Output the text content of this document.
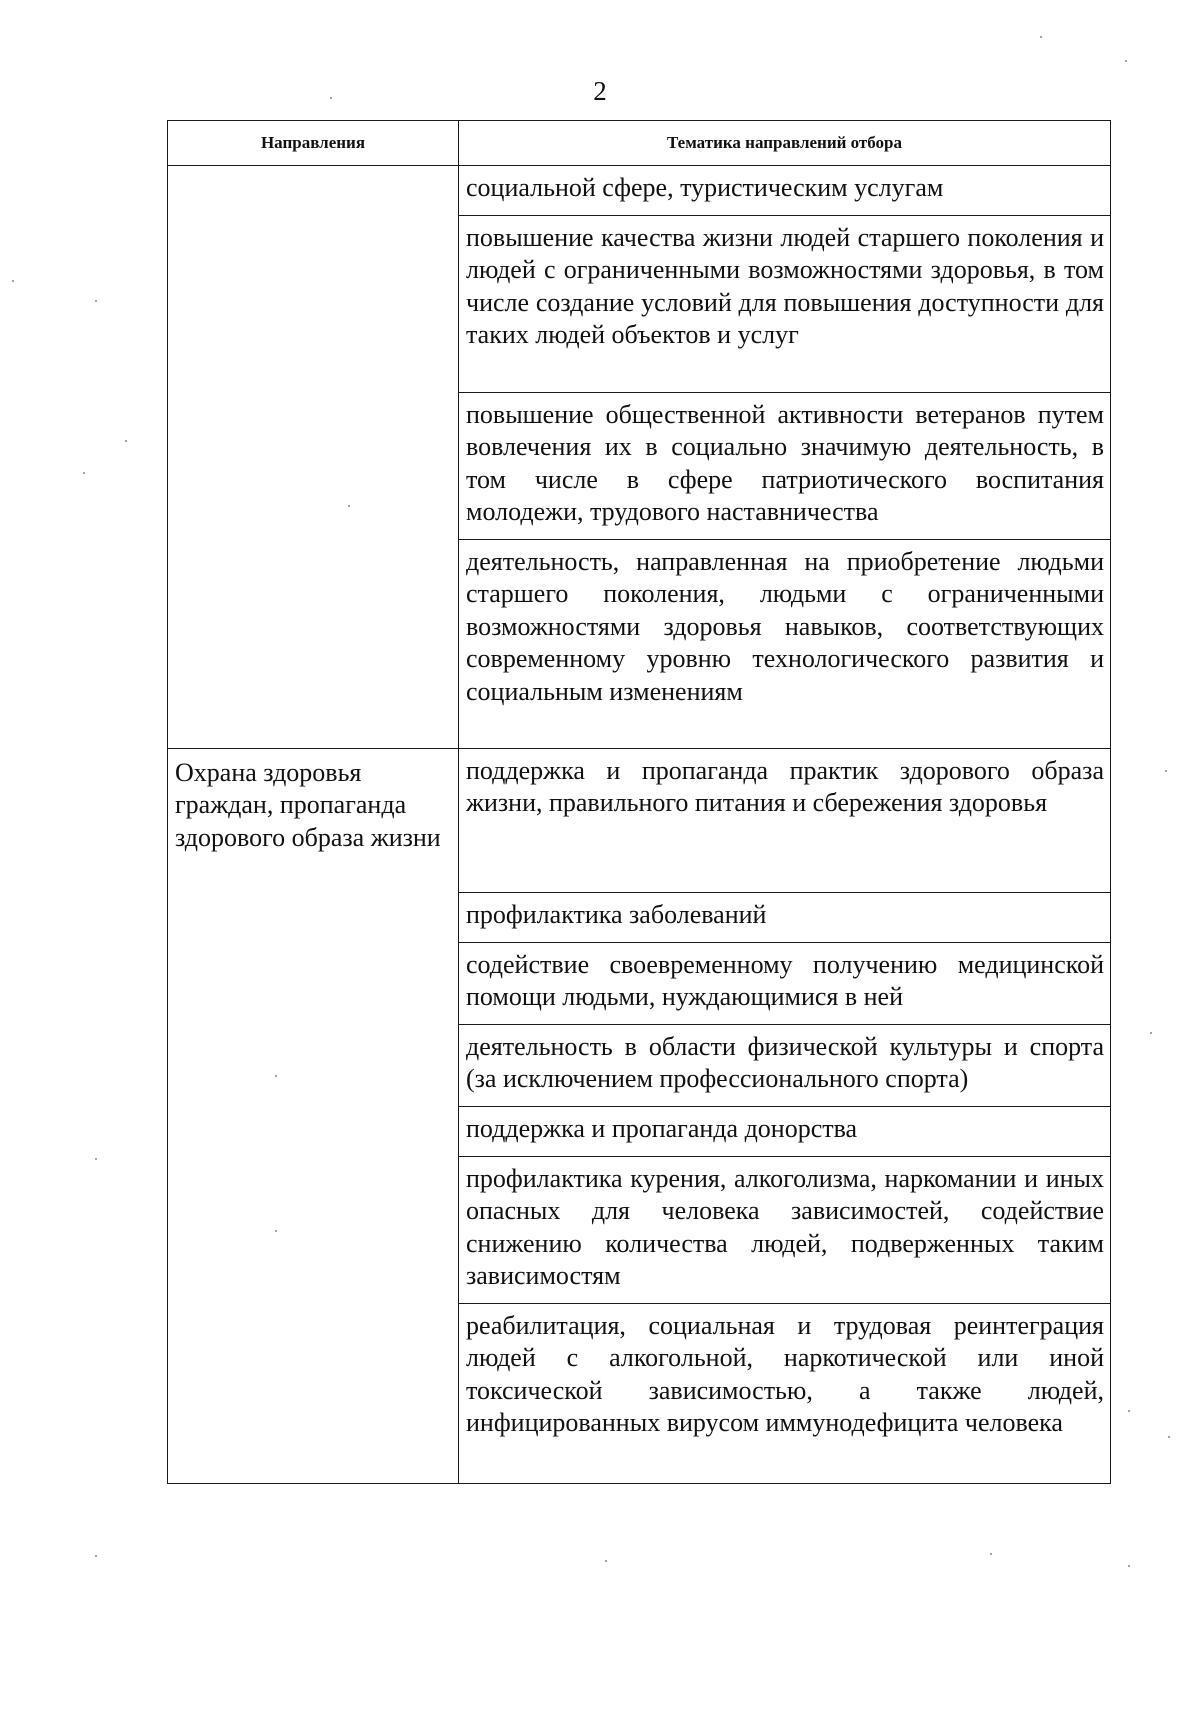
2
Направления	Тематика направлений отбора
	социальной сфере, туристическим услугам
	повышение качества жизни людей старшего поколения и людей с ограниченными возможностями здоровья, в том числе создание условий для повышения доступности для таких людей объектов и услуг
	повышение общественной активности ветеранов путем вовлечения их в социально значимую деятельность, в том числе в сфере патриотического воспитания молодежи, трудового наставничества
	деятельность, направленная на приобретение людьми старшего поколения, людьми с ограниченными возможностями здоровья навыков, соответствующих современному уровню технологического развития и социальным изменениям
Охрана здоровья граждан, пропаганда здорового образа жизни	поддержка и пропаганда практик здорового образа жизни, правильного питания и сбережения здоровья
	профилактика заболеваний
	содействие своевременному получению медицинской помощи людьми, нуждающимися в ней
	деятельность в области физической культуры и спорта (за исключением профессионального спорта)
	поддержка и пропаганда донорства
	профилактика курения, алкоголизма, наркомании и иных опасных для человека зависимостей, содействие снижению количества людей, подверженных таким зависимостям
	реабилитация, социальная и трудовая реинтеграция людей с алкогольной, наркотической или иной токсической зависимостью, а также людей, инфицированных вирусом иммунодефицита человека
